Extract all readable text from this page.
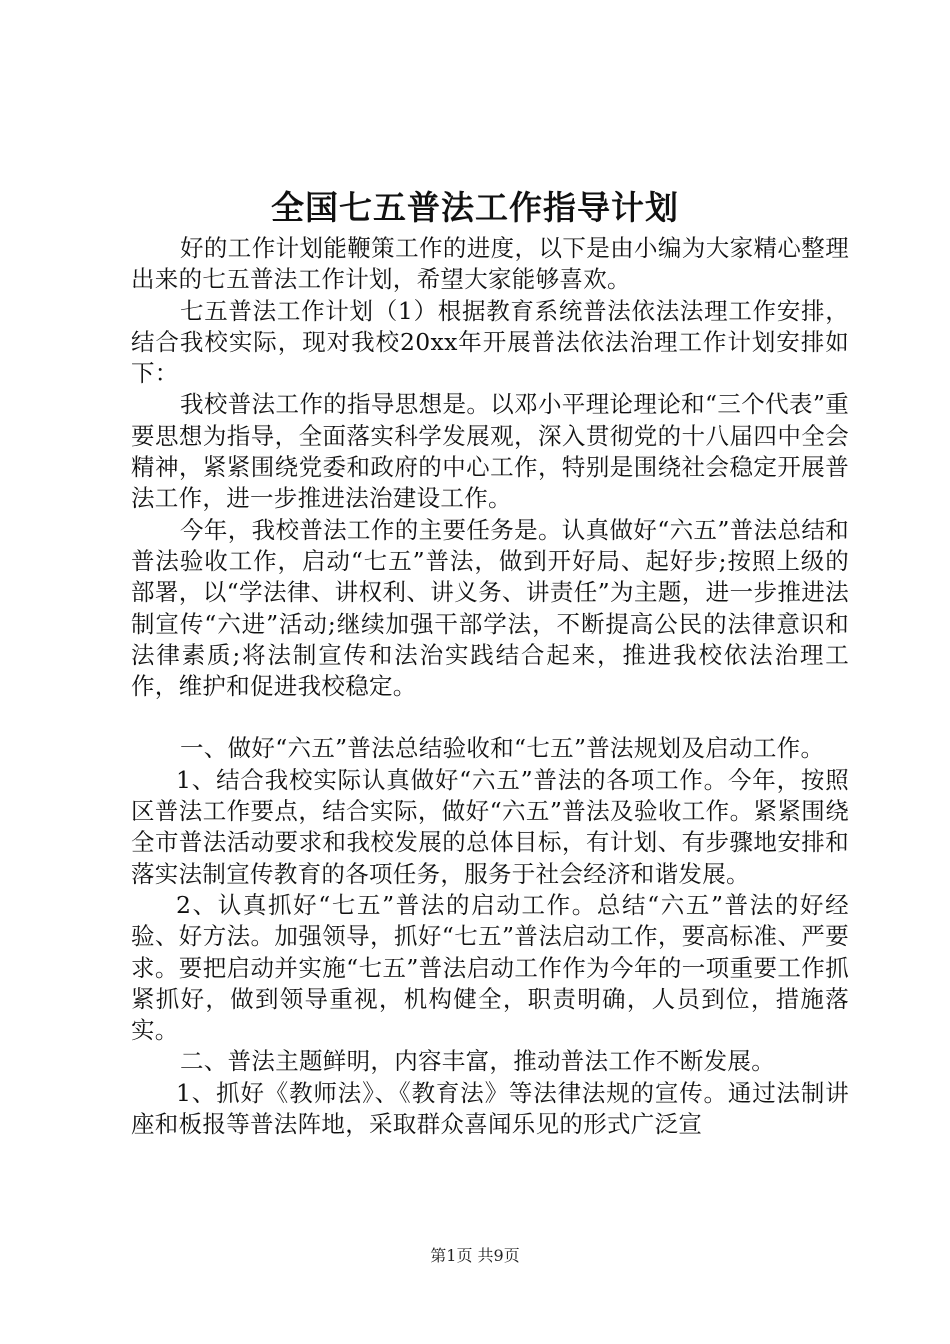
全国七五普法工作指导计划

好的工作计划能鞭策工作的进度，以下是由小编为大家精心整理出来的七五普法工作计划，希望大家能够喜欢。

七五普法工作计划（1）根据教育系统普法依法法理工作安排，结合我校实际，现对我校20xx年开展普法依法治理工作计划安排如下：

我校普法工作的指导思想是。以邓小平理论理论和“三个代表”重要思想为指导，全面落实科学发展观，深入贯彻党的十八届四中全会精神，紧紧围绕党委和政府的中心工作，特别是围绕社会稳定开展普法工作，进一步推进法治建设工作。

今年，我校普法工作的主要任务是。认真做好“六五”普法总结和普法验收工作，启动“七五”普法，做到开好局、起好步;按照上级的部署，以“学法律、讲权利、讲义务、讲责任”为主题，进一步推进法制宣传“六进”活动;继续加强干部学法，不断提高公民的法律意识和法律素质;将法制宣传和法治实践结合起来，推进我校依法治理工作，维护和促进我校稳定。

一、做好“六五”普法总结验收和“七五”普法规划及启动工作。

1、结合我校实际认真做好“六五”普法的各项工作。今年，按照区普法工作要点，结合实际，做好“六五”普法及验收工作。紧紧围绕全市普法活动要求和我校发展的总体目标，有计划、有步骤地安排和落实法制宣传教育的各项任务，服务于社会经济和谐发展。

2、认真抓好“七五”普法的启动工作。总结“六五”普法的好经验、好方法。加强领导，抓好“七五”普法启动工作，要高标准、严要求。要把启动并实施“七五”普法启动工作作为今年的一项重要工作抓紧抓好，做到领导重视，机构健全，职责明确，人员到位，措施落实。

二、普法主题鲜明，内容丰富，推动普法工作不断发展。

1、抓好《教师法》、《教育法》等法律法规的宣传。通过法制讲座和板报等普法阵地，采取群众喜闻乐见的形式广泛宣

第1页 共9页
